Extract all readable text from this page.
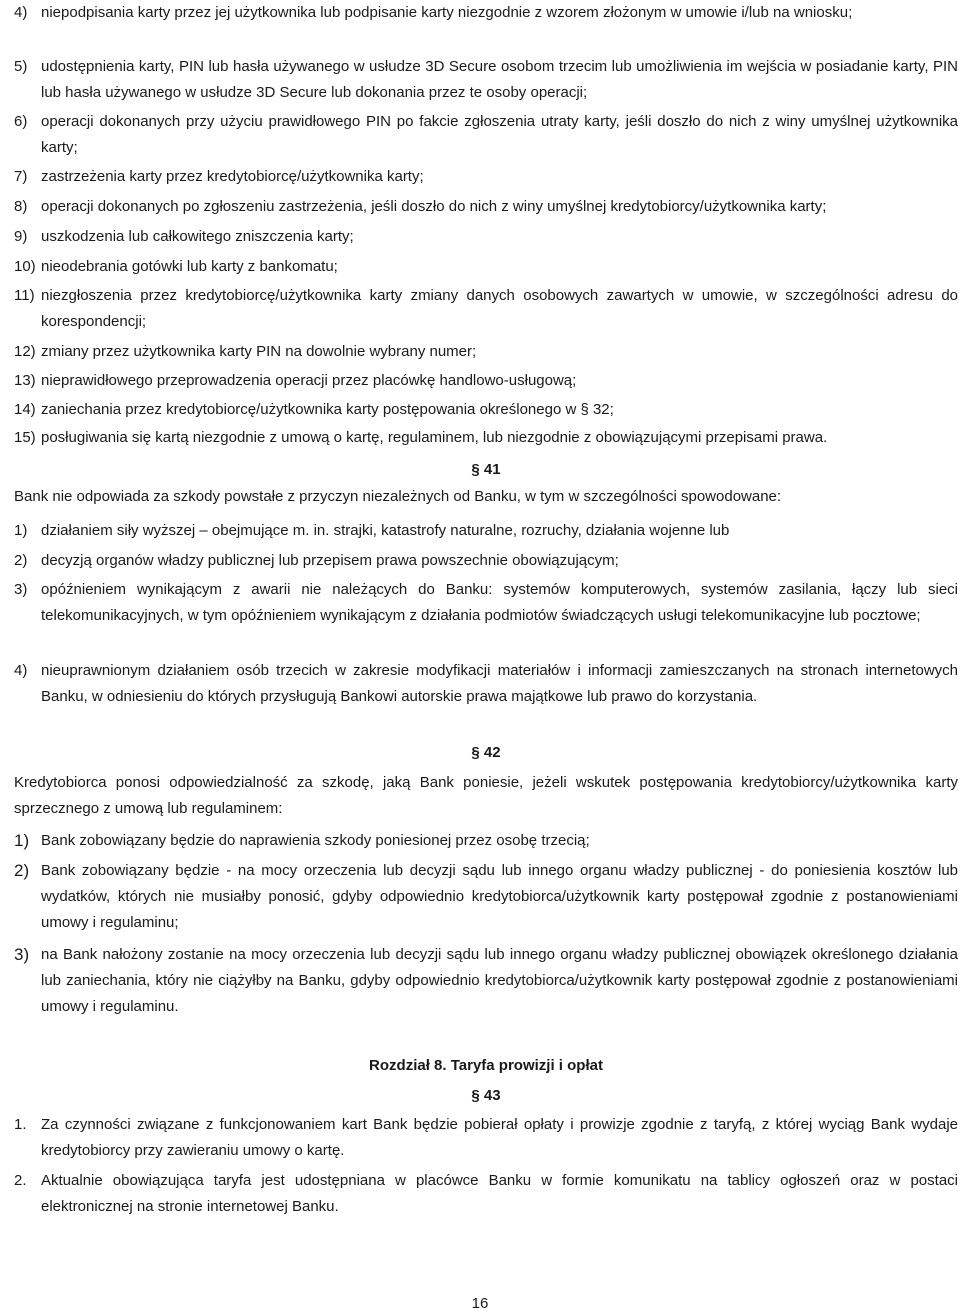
4) niepodpisania karty przez jej użytkownika lub podpisanie karty niezgodnie z wzorem złożonym w umowie i/lub na wniosku;
5) udostępnienia karty, PIN lub hasła używanego w usłudze 3D Secure osobom trzecim lub umożliwienia im wejścia w posiadanie karty, PIN lub hasła używanego w usłudze 3D Secure lub dokonania przez te osoby operacji;
6) operacji dokonanych przy użyciu prawidłowego PIN po fakcie zgłoszenia utraty karty, jeśli doszło do nich z winy umyślnej użytkownika karty;
7) zastrzeżenia karty przez kredytobiorcę/użytkownika karty;
8) operacji dokonanych po zgłoszeniu zastrzeżenia, jeśli doszło do nich z winy umyślnej kredytobiorcy/użytkownika karty;
9) uszkodzenia lub całkowitego zniszczenia karty;
10) nieodebrania gotówki lub karty z bankomatu;
11) niezgłoszenia przez kredytobiorcę/użytkownika karty zmiany danych osobowych zawartych w umowie, w szczególności adresu do korespondencji;
12) zmiany przez użytkownika karty PIN na dowolnie wybrany numer;
13) nieprawidłowego przeprowadzenia operacji przez placówkę handlowo-usługową;
14) zaniechania przez kredytobiorcę/użytkownika karty postępowania określonego w § 32;
15) posługiwania się kartą niezgodnie z umową o kartę, regulaminem, lub niezgodnie z obowiązującymi przepisami prawa.
§ 41
Bank nie odpowiada za szkody powstałe z przyczyn niezależnych od Banku, w tym w szczególności spowodowane:
1) działaniem siły wyższej – obejmujące m. in. strajki, katastrofy naturalne, rozruchy, działania wojenne lub
2) decyzją organów władzy publicznej lub przepisem prawa powszechnie obowiązującym;
3) opóźnieniem wynikającym z awarii nie należących do Banku: systemów komputerowych, systemów zasilania, łączy lub sieci telekomunikacyjnych, w tym opóźnieniem wynikającym z działania podmiotów świadczących usługi telekomunikacyjne lub pocztowe;
4) nieuprawnionym działaniem osób trzecich w zakresie modyfikacji materiałów i informacji zamieszczanych na stronach internetowych Banku, w odniesieniu do których przysługują Bankowi autorskie prawa majątkowe lub prawo do korzystania.
§ 42
Kredytobiorca ponosi odpowiedzialność za szkodę, jaką Bank poniesie, jeżeli wskutek postępowania kredytobiorcy/użytkownika karty sprzecznego z umową lub regulaminem:
1) Bank zobowiązany będzie do naprawienia szkody poniesionej przez osobę trzecią;
2) Bank zobowiązany będzie - na mocy orzeczenia lub decyzji sądu lub innego organu władzy publicznej - do poniesienia kosztów lub wydatków, których nie musiałby ponosić, gdyby odpowiednio kredytobiorca/użytkownik karty postępował zgodnie z postanowieniami umowy i regulaminu;
3) na Bank nałożony zostanie na mocy orzeczenia lub decyzji sądu lub innego organu władzy publicznej obowiązek określonego działania lub zaniechania, który nie ciążyłby na Banku, gdyby odpowiednio kredytobiorca/użytkownik karty postępował zgodnie z postanowieniami umowy i regulaminu.
Rozdział 8. Taryfa prowizji i opłat
§ 43
1. Za czynności związane z funkcjonowaniem kart Bank będzie pobierał opłaty i prowizje zgodnie z taryfą, z której wyciąg Bank wydaje kredytobiorcy przy zawieraniu umowy o kartę.
2. Aktualnie obowiązująca taryfa jest udostępniana w placówce Banku w formie komunikatu na tablicy ogłoszeń oraz w postaci elektronicznej na stronie internetowej Banku.
16
